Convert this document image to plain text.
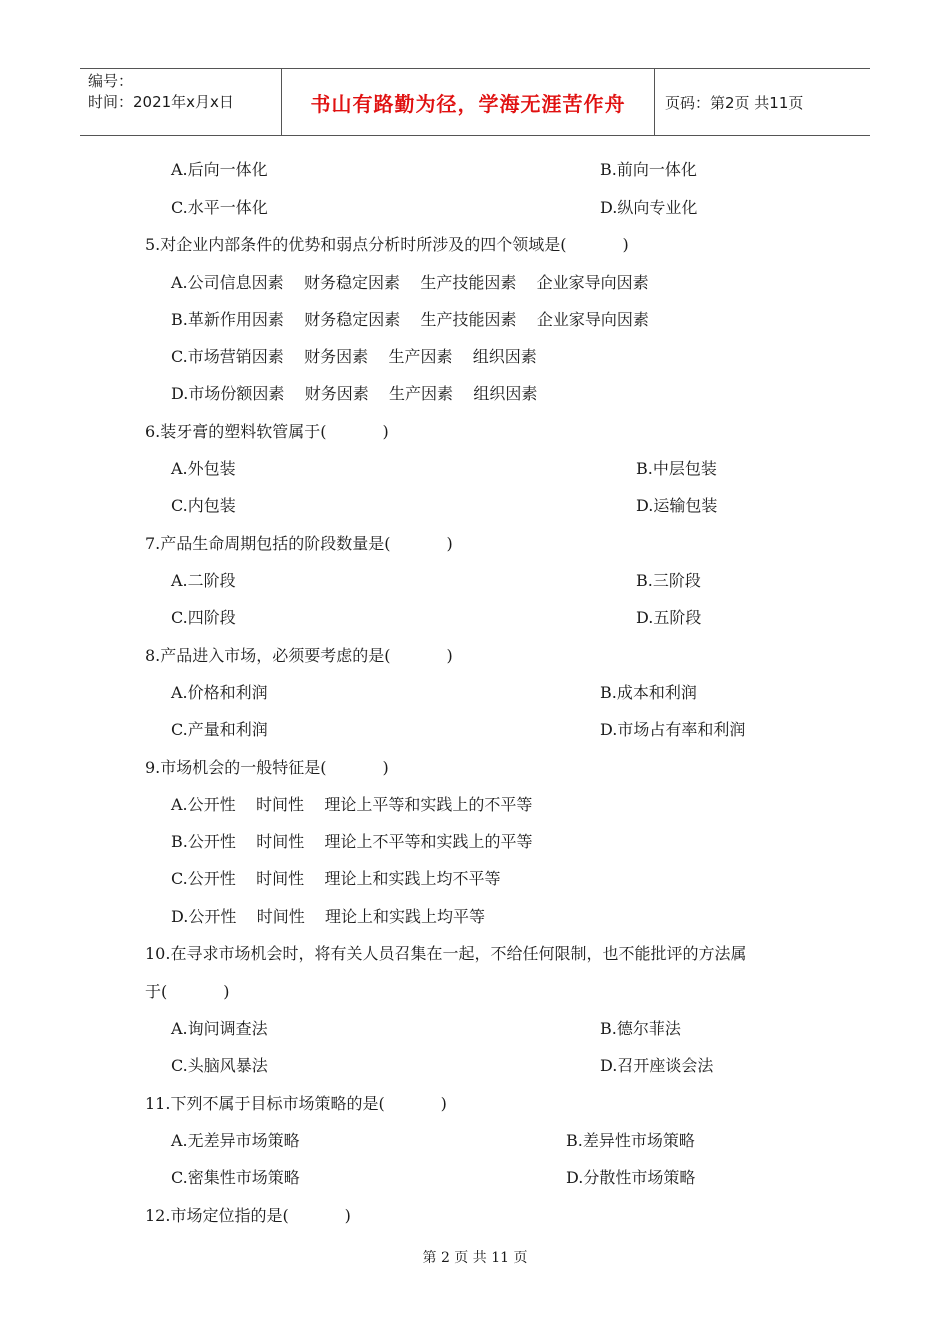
编号：
时间：2021年x月x日	书山有路勤为径，学海无涯苦作舟	页码：第2页 共11页
A.后向一体化	B.前向一体化
C.水平一体化	D.纵向专业化
5.对企业内部条件的优势和弱点分析时所涉及的四个领域是(           )
A.公司信息因素    财务稳定因素    生产技能因素    企业家导向因素
B.革新作用因素    财务稳定因素    生产技能因素    企业家导向因素
C.市场营销因素    财务因素    生产因素    组织因素
D.市场份额因素    财务因素    生产因素    组织因素
6.装牙膏的塑料软管属于(           )
A.外包装	B.中层包装
C.内包装	D.运输包装
7.产品生命周期包括的阶段数量是(           )
A.二阶段	B.三阶段
C.四阶段	D.五阶段
8.产品进入市场，必须要考虑的是(           )
A.价格和利润	B.成本和利润
C.产量和利润	D.市场占有率和利润
9.市场机会的一般特征是(           )
A.公开性    时间性    理论上平等和实践上的不平等
B.公开性    时间性    理论上不平等和实践上的平等
C.公开性    时间性    理论上和实践上均不平等
D.公开性    时间性    理论上和实践上均平等
10.在寻求市场机会时，将有关人员召集在一起，不给任何限制，也不能批评的方法属
于(           )
A.询问调查法	B.德尔菲法
C.头脑风暴法	D.召开座谈会法
11.下列不属于目标市场策略的是(           )
A.无差异市场策略	B.差异性市场策略
C.密集性市场策略	D.分散性市场策略
12.市场定位指的是(           )
第 2 页 共 11 页
